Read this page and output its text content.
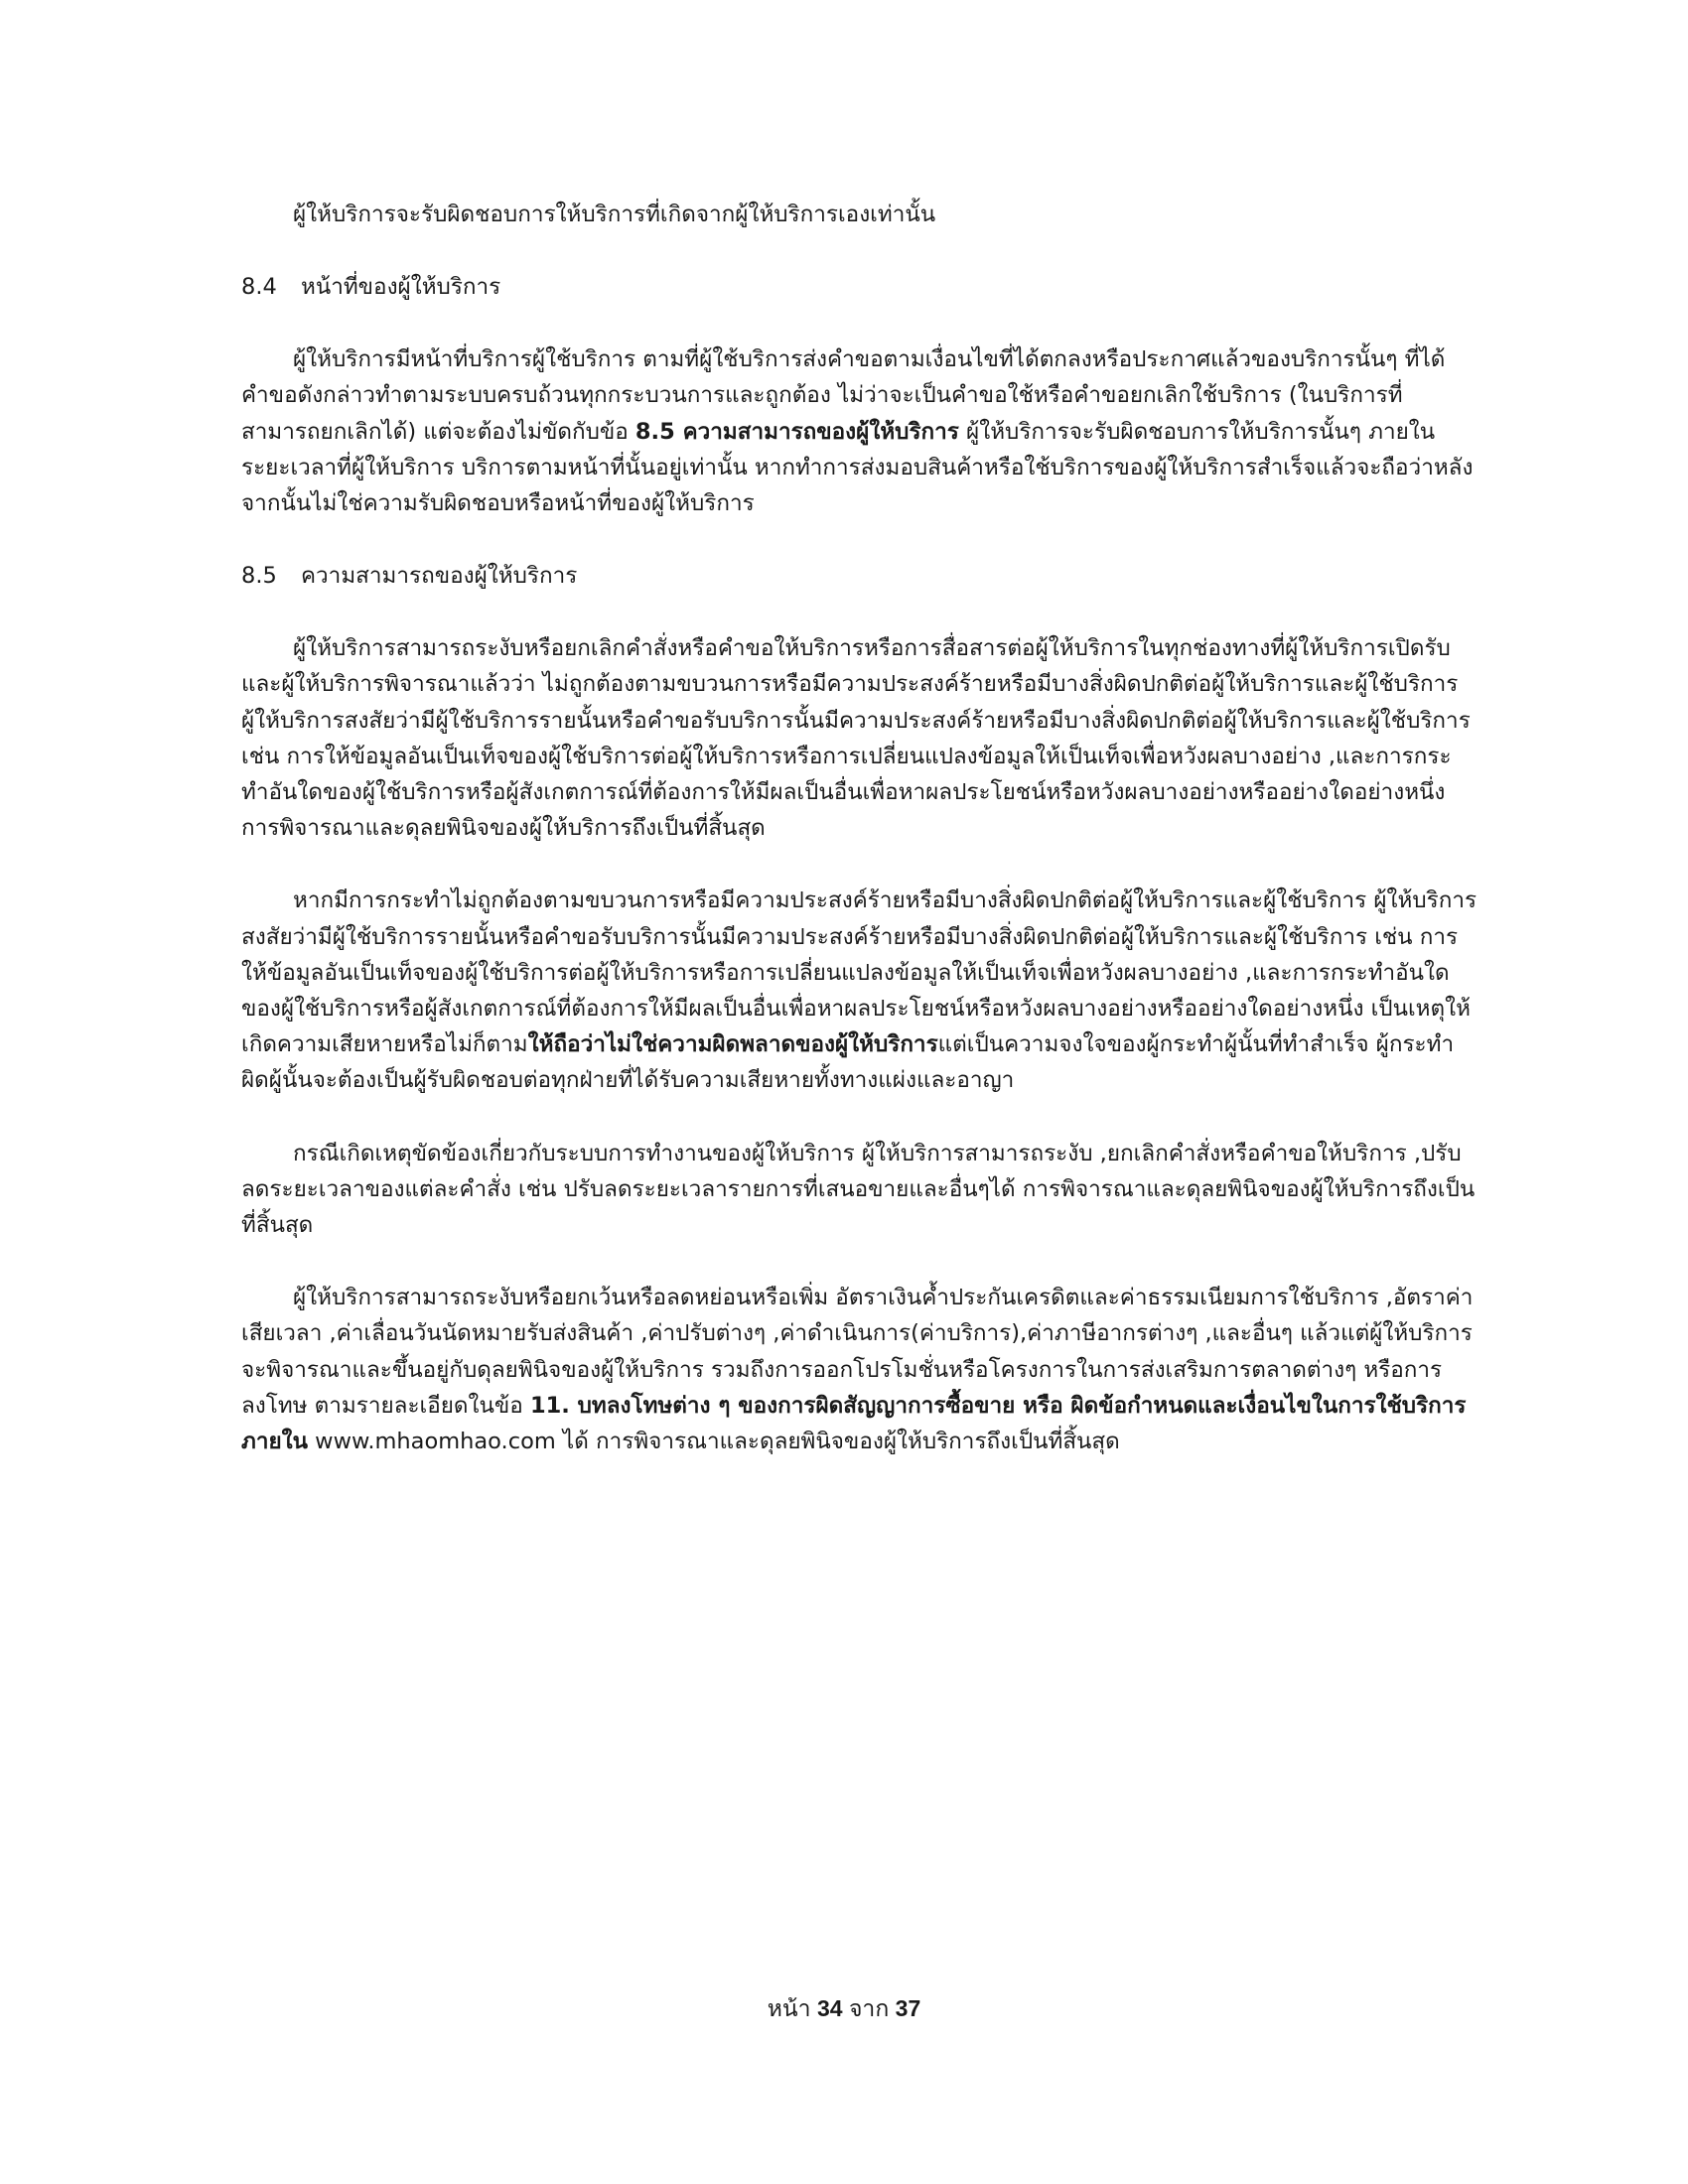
ผู้ให้บริการจะรับผิดชอบการให้บริการที่เกิดจากผู้ให้บริการเองเท่านั้น

8.4 หน้าที่ของผู้ให้บริการ

ผู้ให้บริการมีหน้าที่บริการผู้ใช้บริการ ตามที่ผู้ใช้บริการส่งคำขอตามเงื่อนไขที่ได้ตกลงหรือประกาศแล้วของบริการนั้นๆ ที่ได้คำขอดังกล่าวทำตามระบบครบถ้วนทุกกระบวนการและถูกต้อง ไม่ว่าจะเป็นคำขอใช้หรือคำขอยกเลิกใช้บริการ (ในบริการที่สามารถยกเลิกได้) แต่จะต้องไม่ขัดกับข้อ 8.5 ความสามารถของผู้ให้บริการ ผู้ให้บริการจะรับผิดชอบการให้บริการนั้นๆ ภายในระยะเวลาที่ผู้ให้บริการ บริการตามหน้าที่นั้นอยู่เท่านั้น หากทำการส่งมอบสินค้าหรือใช้บริการของผู้ให้บริการสำเร็จแล้วจะถือว่าหลังจากนั้นไม่ใช่ความรับผิดชอบหรือหน้าที่ของผู้ให้บริการ

8.5 ความสามารถของผู้ให้บริการ

ผู้ให้บริการสามารถระงับหรือยกเลิกคำสั่งหรือคำขอให้บริการหรือการสื่อสารต่อผู้ให้บริการในทุกช่องทางที่ผู้ให้บริการเปิดรับและผู้ให้บริการพิจารณาแล้วว่า ไม่ถูกต้องตามขบวนการหรือมีความประสงค์ร้ายหรือมีบางสิ่งผิดปกติต่อผู้ให้บริการและผู้ใช้บริการ ผู้ให้บริการสงสัยว่ามีผู้ใช้บริการรายนั้นหรือคำขอรับบริการนั้นมีความประสงค์ร้ายหรือมีบางสิ่งผิดปกติต่อผู้ให้บริการและผู้ใช้บริการ เช่น การให้ข้อมูลอันเป็นเท็จของผู้ใช้บริการต่อผู้ให้บริการหรือการเปลี่ยนแปลงข้อมูลให้เป็นเท็จเพื่อหวังผลบางอย่าง ,และการกระทำอันใดของผู้ใช้บริการหรือผู้สังเกตการณ์ที่ต้องการให้มีผลเป็นอื่นเพื่อหาผลประโยชน์หรือหวังผลบางอย่างหรืออย่างใดอย่างหนึ่ง การพิจารณาและดุลยพินิจของผู้ให้บริการถึงเป็นที่สิ้นสุด

หากมีการกระทำไม่ถูกต้องตามขบวนการหรือมีความประสงค์ร้ายหรือมีบางสิ่งผิดปกติต่อผู้ให้บริการและผู้ใช้บริการ ผู้ให้บริการสงสัยว่ามีผู้ใช้บริการรายนั้นหรือคำขอรับบริการนั้นมีความประสงค์ร้ายหรือมีบางสิ่งผิดปกติต่อผู้ให้บริการและผู้ใช้บริการ เช่น การให้ข้อมูลอันเป็นเท็จของผู้ใช้บริการต่อผู้ให้บริการหรือการเปลี่ยนแปลงข้อมูลให้เป็นเท็จเพื่อหวังผลบางอย่าง ,และการกระทำอันใดของผู้ใช้บริการหรือผู้สังเกตการณ์ที่ต้องการให้มีผลเป็นอื่นเพื่อหาผลประโยชน์หรือหวังผลบางอย่างหรืออย่างใดอย่างหนึ่ง เป็นเหตุให้เกิดความเสียหายหรือไม่ก็ตามให้ถือว่าไม่ใช่ความผิดพลาดของผู้ให้บริการแต่เป็นความจงใจของผู้กระทำผู้นั้นที่ทำสำเร็จ ผู้กระทำผิดผู้นั้นจะต้องเป็นผู้รับผิดชอบต่อทุกฝ่ายที่ได้รับความเสียหายทั้งทางแผ่งและอาญา

กรณีเกิดเหตุขัดข้องเกี่ยวกับระบบการทำงานของผู้ให้บริการ ผู้ให้บริการสามารถระงับ ,ยกเลิกคำสั่งหรือคำขอให้บริการ ,ปรับลดระยะเวลาของแต่ละคำสั่ง เช่น ปรับลดระยะเวลารายการที่เสนอขายและอื่นๆได้ การพิจารณาและดุลยพินิจของผู้ให้บริการถึงเป็นที่สิ้นสุด

ผู้ให้บริการสามารถระงับหรือยกเว้นหรือลดหย่อนหรือเพิ่ม อัตราเงินค้ำประกันเครดิตและค่าธรรมเนียมการใช้บริการ ,อัตราค่าเสียเวลา ,ค่าเลื่อนวันนัดหมายรับส่งสินค้า ,ค่าปรับต่างๆ ,ค่าดำเนินการ(ค่าบริการ),ค่าภาษีอากรต่างๆ ,และอื่นๆ แล้วแต่ผู้ให้บริการจะพิจารณาและขึ้นอยู่กับดุลยพินิจของผู้ให้บริการ รวมถึงการออกโปรโมชั่นหรือโครงการในการส่งเสริมการตลาดต่างๆ หรือการลงโทษ ตามรายละเอียดในข้อ 11. บทลงโทษต่าง ๆ ของการผิดสัญญาการซื้อขาย หรือ ผิดข้อกำหนดและเงื่อนไขในการใช้บริการ ภายใน www.mhaomhao.com ได้ การพิจารณาและดุลยพินิจของผู้ให้บริการถึงเป็นที่สิ้นสุด

หน้า 34 จาก 37
